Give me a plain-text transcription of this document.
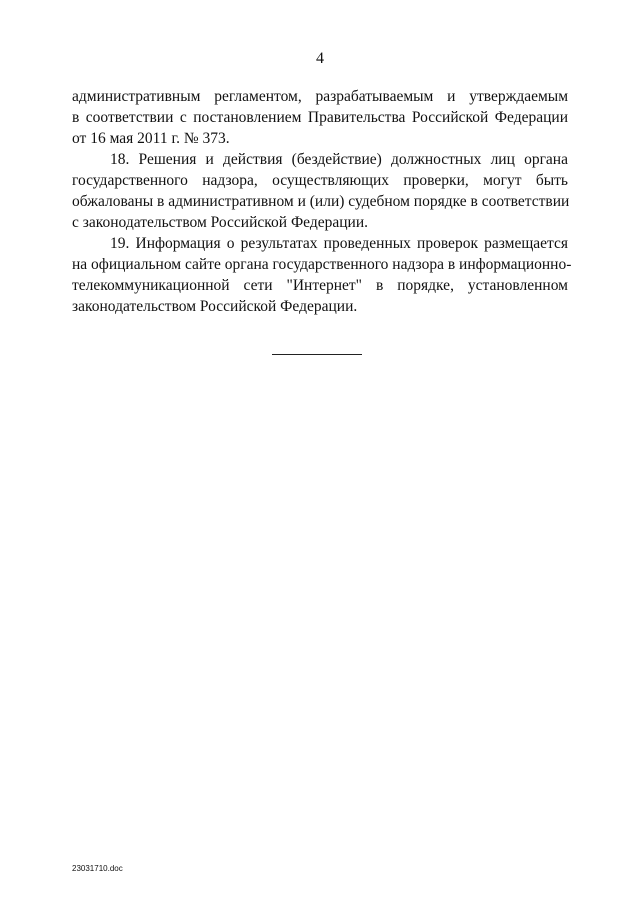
4
административным регламентом, разрабатываемым и утверждаемым
в соответствии с постановлением Правительства Российской Федерации
от 16 мая 2011 г. № 373.
18. Решения и действия (бездействие) должностных лиц органа
государственного надзора, осуществляющих проверки, могут быть
обжалованы в административном и (или) судебном порядке в соответствии
с законодательством Российской Федерации.
19. Информация о результатах проведенных проверок размещается
на официальном сайте органа государственного надзора в информационно-
телекоммуникационной сети "Интернет" в порядке, установленном
законодательством Российской Федерации.
23031710.doc
